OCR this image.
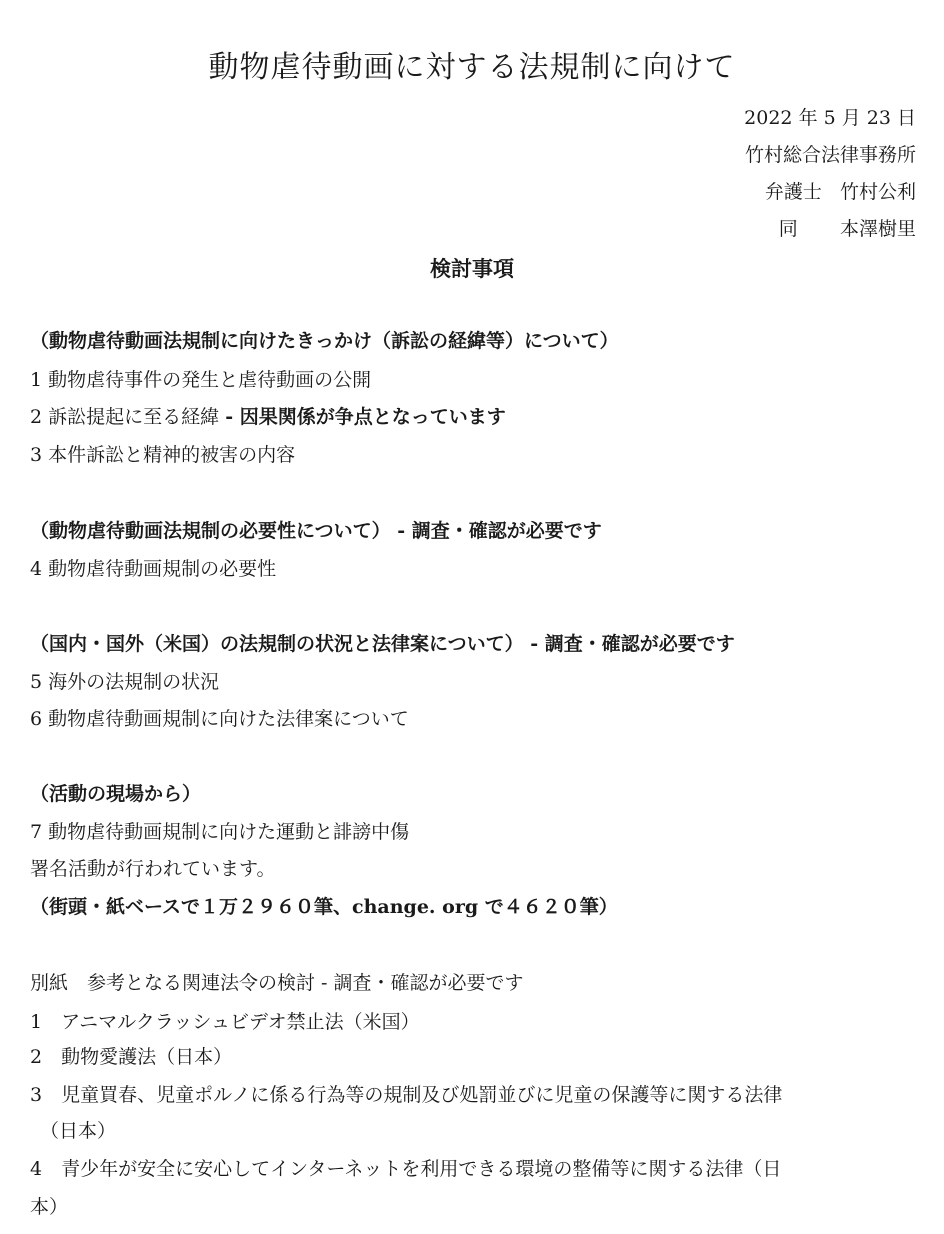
動物虐待動画に対する法規制に向けて
2022 年 5 月 23 日
竹村総合法律事務所
弁護士 竹村公利
同 本澤樹里
検討事項
（動物虐待動画法規制に向けたきっかけ（訴訟の経緯等）について）
1 動物虐待事件の発生と虐待動画の公開
2 訴訟提起に至る経緯 - 因果関係が争点となっています
3 本件訴訟と精神的被害の内容
（動物虐待動画法規制の必要性について） - 調査・確認が必要です
4 動物虐待動画規制の必要性
（国内・国外（米国）の法規制の状況と法律案について） - 調査・確認が必要です
5 海外の法規制の状況
6 動物虐待動画規制に向けた法律案について
（活動の現場から）
7 動物虐待動画規制に向けた運動と誹謗中傷
署名活動が行われています。
（街頭・紙ベースで１万２９６０筆、change. org で４６２０筆）
別紙　参考となる関連法令の検討 - 調査・確認が必要です
1　アニマルクラッシュビデオ禁止法（米国）
2　動物愛護法（日本）
3　児童買春、児童ポルノに係る行為等の規制及び処罰並びに児童の保護等に関する法律
（日本）
4　青少年が安全に安心してインターネットを利用できる環境の整備等に関する法律（日
本）
